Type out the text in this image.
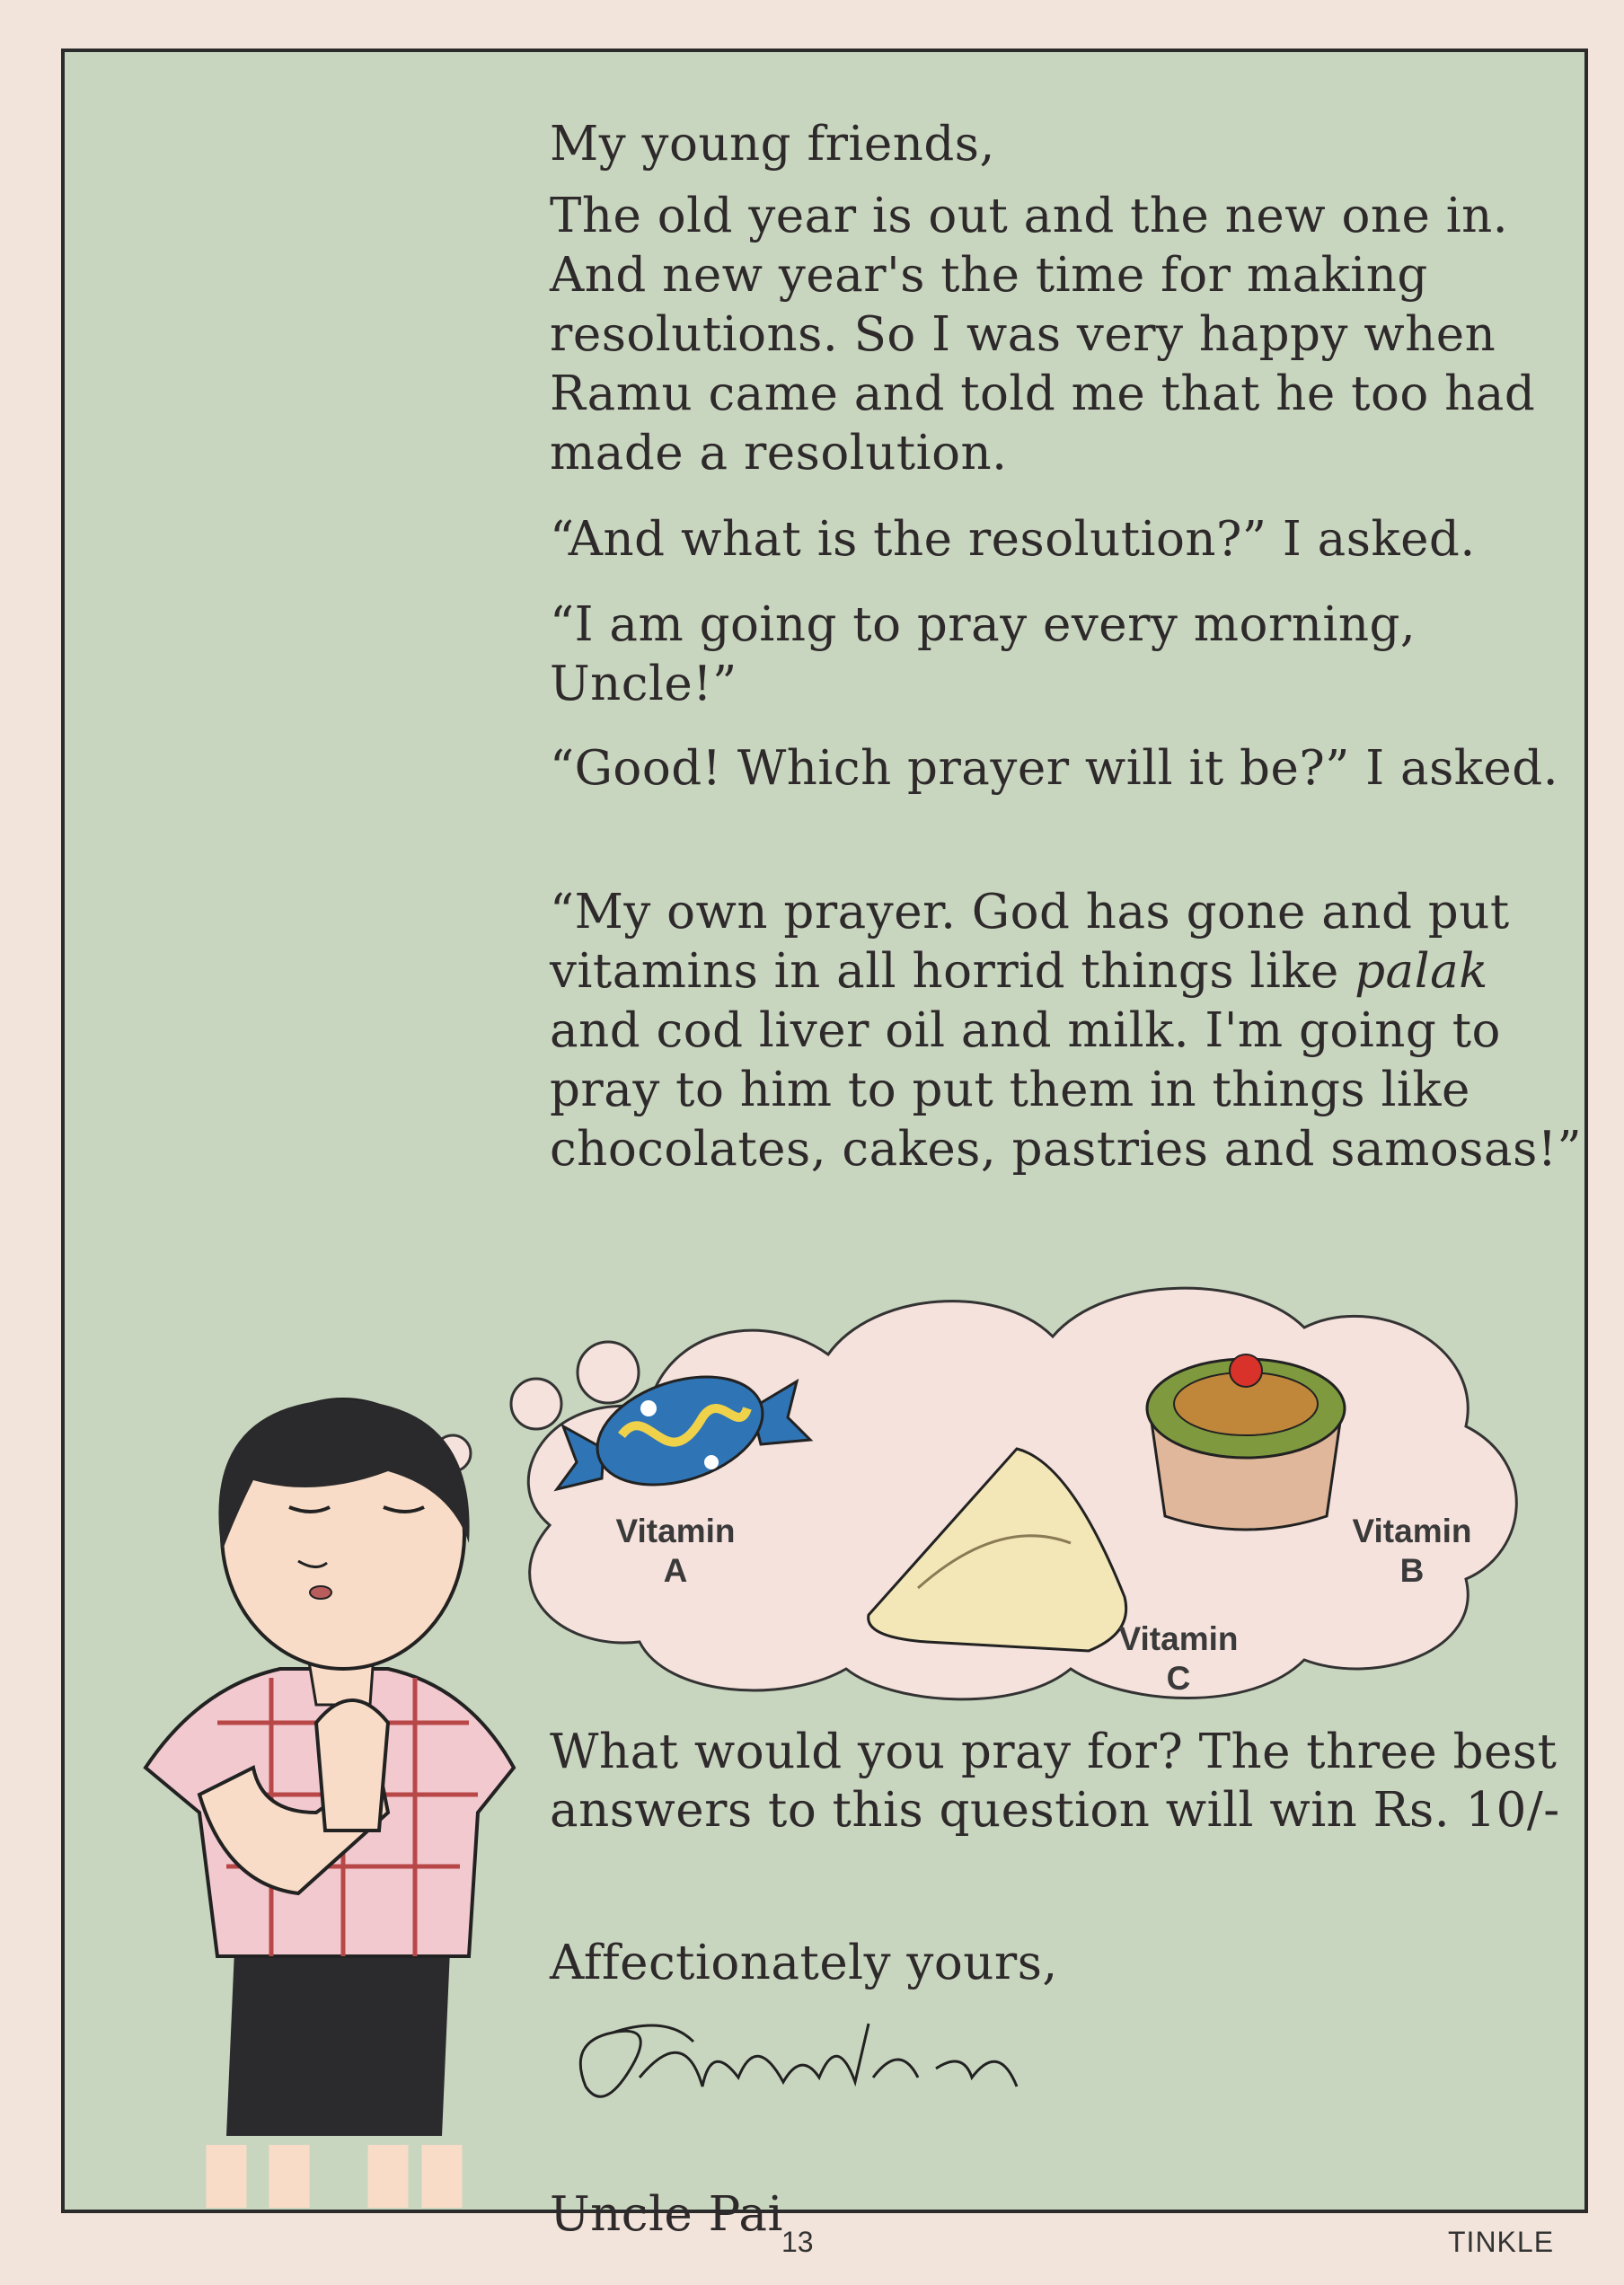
My young friends,

The old year is out and the new one in. And new year's the time for making resolutions. So I was very happy when Ramu came and told me that he too had made a resolution.

“And what is the resolution?” I asked.

“I am going to pray every morning, Uncle!”

“Good! Which prayer will it be?” I asked.

“My own prayer. God has gone and put vitamins in all horrid things like palak and cod liver oil and milk. I'm going to pray to him to put them in things like chocolates, cakes, pastries and samosas!”

Vitamin
A
Vitamin
B
Vitamin
C

What would you pray for? The three best answers to this question will win Rs. 10/-

Affectionately yours,

Uncle Pai

13	TINKLE
